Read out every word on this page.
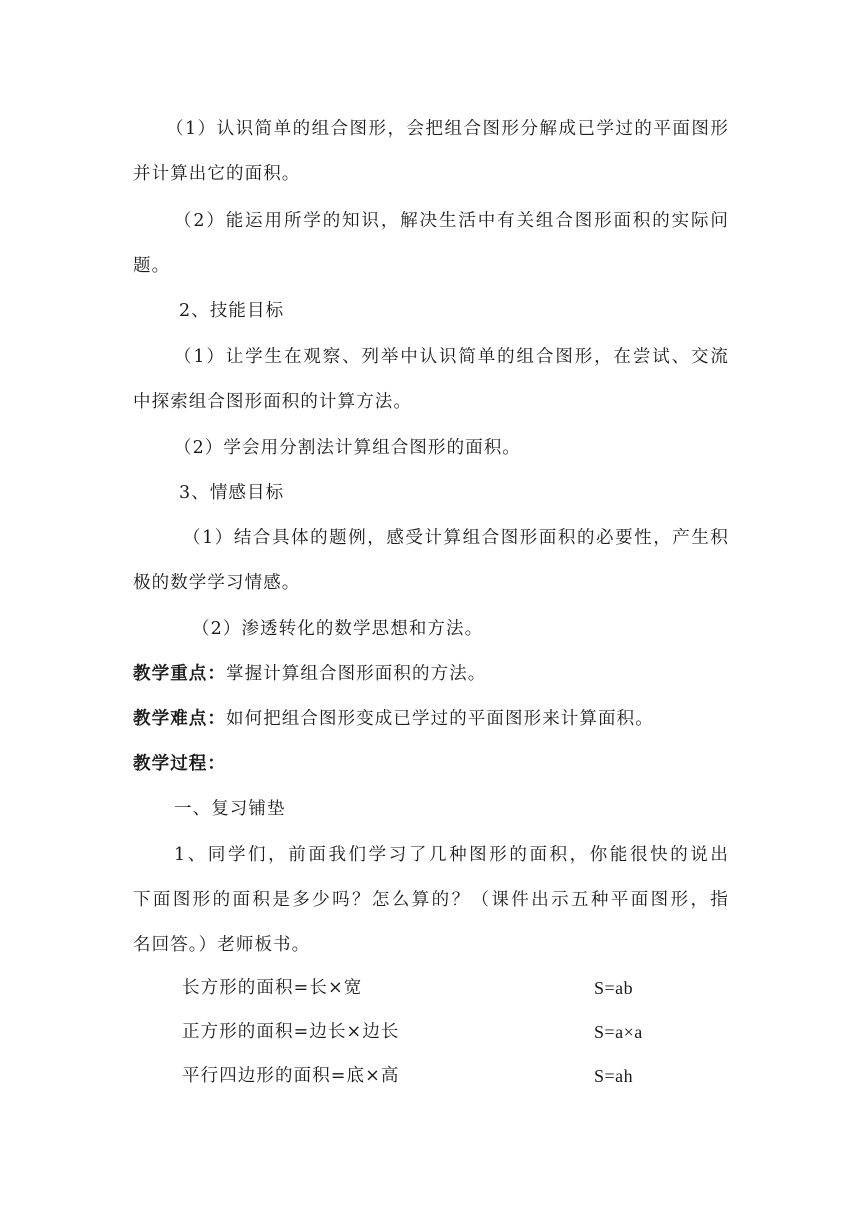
（1）认识简单的组合图形，会把组合图形分解成已学过的平面图形
并计算出它的面积。
（2）能运用所学的知识，解决生活中有关组合图形面积的实际问
题。
2、技能目标
（1）让学生在观察、列举中认识简单的组合图形，在尝试、交流
中探索组合图形面积的计算方法。
（2）学会用分割法计算组合图形的面积。
3、情感目标
（1）结合具体的题例，感受计算组合图形面积的必要性，产生积
极的数学学习情感。
（2）渗透转化的数学思想和方法。
教学重点：掌握计算组合图形面积的方法。
教学难点：如何把组合图形变成已学过的平面图形来计算面积。
教学过程：
一、复习铺垫
1、同学们，前面我们学习了几种图形的面积，你能很快的说出
下面图形的面积是多少吗？怎么算的？（课件出示五种平面图形，指
名回答。）老师板书。
长方形的面积=长×宽	S=ab
正方形的面积=边长×边长	S=a×a
平行四边形的面积=底×高	S=ah
